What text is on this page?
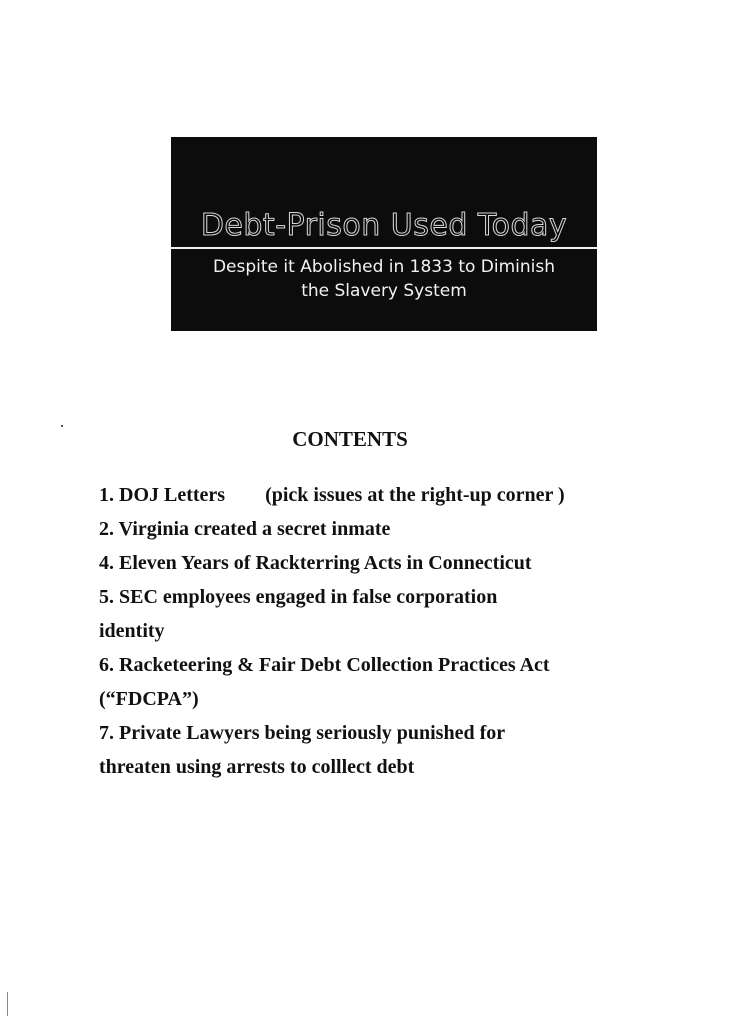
Debt-Prison Used Today
Despite it Abolished in 1833 to Diminish
the Slavery System
CONTENTS
1. DOJ Letters (pick issues at the right-up corner )
2. Virginia created a secret inmate
4. Eleven Years of Rackterring Acts in Connecticut
5. SEC employees engaged in false corporation
identity
6. Racketeering & Fair Debt Collection Practices Act
(“FDCPA”)
7. Private Lawyers being seriously punished for
threaten using arrests to colllect debt
